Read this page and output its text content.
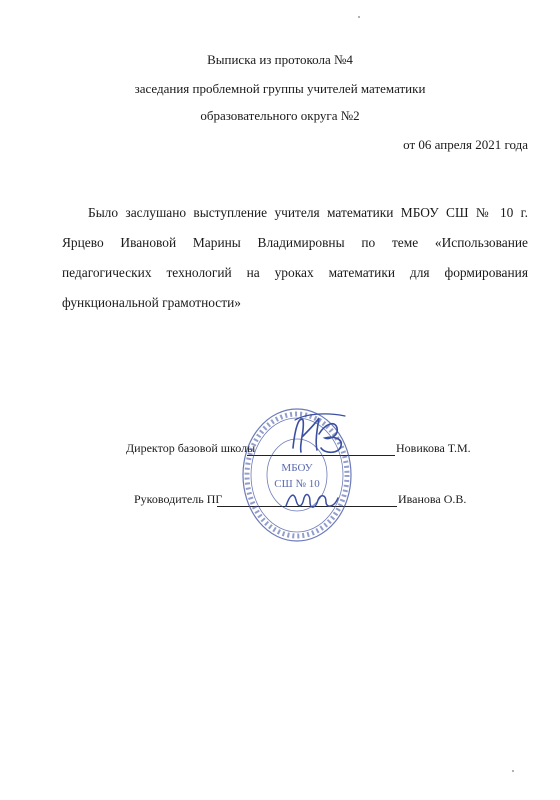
Выписка из протокола №4
заседания проблемной группы учителей математики
образовательного округа №2
от 06 апреля 2021 года
Было заслушано выступление учителя математики МБОУ СШ № 10 г. Ярцево Ивановой Марины Владимировны по теме «Использование педагогических технологий на уроках математики для формирования функциональной грамотности»
Директор базовой школы	Новикова Т.М.
Руководитель ПГ	Иванова О.В.
МБОУ
СШ № 10
